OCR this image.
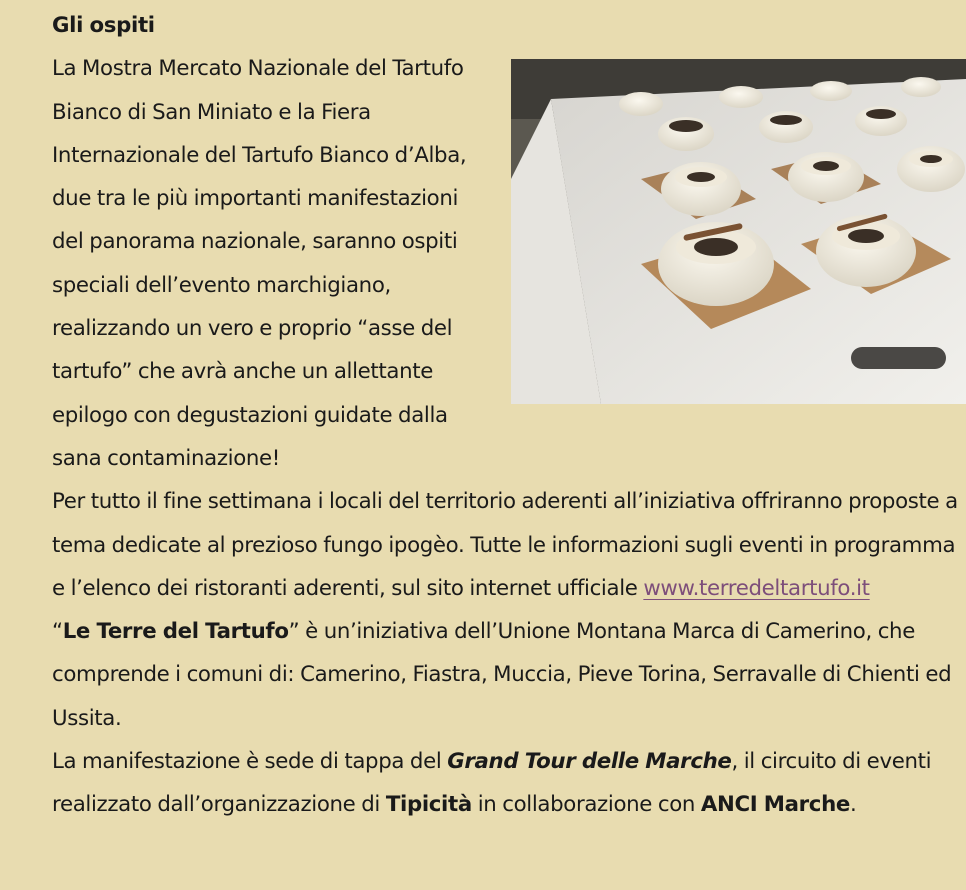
Gli ospiti

La Mostra Mercato Nazionale del Tartufo Bianco di San Miniato e la Fiera Internazionale del Tartufo Bianco d’Alba, due tra le più importanti manifestazioni del panorama nazionale, saranno ospiti speciali dell’evento marchigiano, realizzando un vero e proprio “asse del tartufo” che avrà anche un allettante epilogo con degustazioni guidate dalla sana contaminazione!

Per tutto il fine settimana i locali del territorio aderenti all’iniziativa offriranno proposte a tema dedicate al prezioso fungo ipogèo. Tutte le informazioni sugli eventi in programma e l’elenco dei ristoranti aderenti, sul sito internet ufficiale www.terredeltartufo.it

“Le Terre del Tartufo” è un’iniziativa dell’Unione Montana Marca di Camerino, che comprende i comuni di: Camerino, Fiastra, Muccia, Pieve Torina, Serravalle di Chienti ed Ussita.

La manifestazione è sede di tappa del Grand Tour delle Marche, il circuito di eventi realizzato dall’organizzazione di Tipicità in collaborazione con ANCI Marche.
